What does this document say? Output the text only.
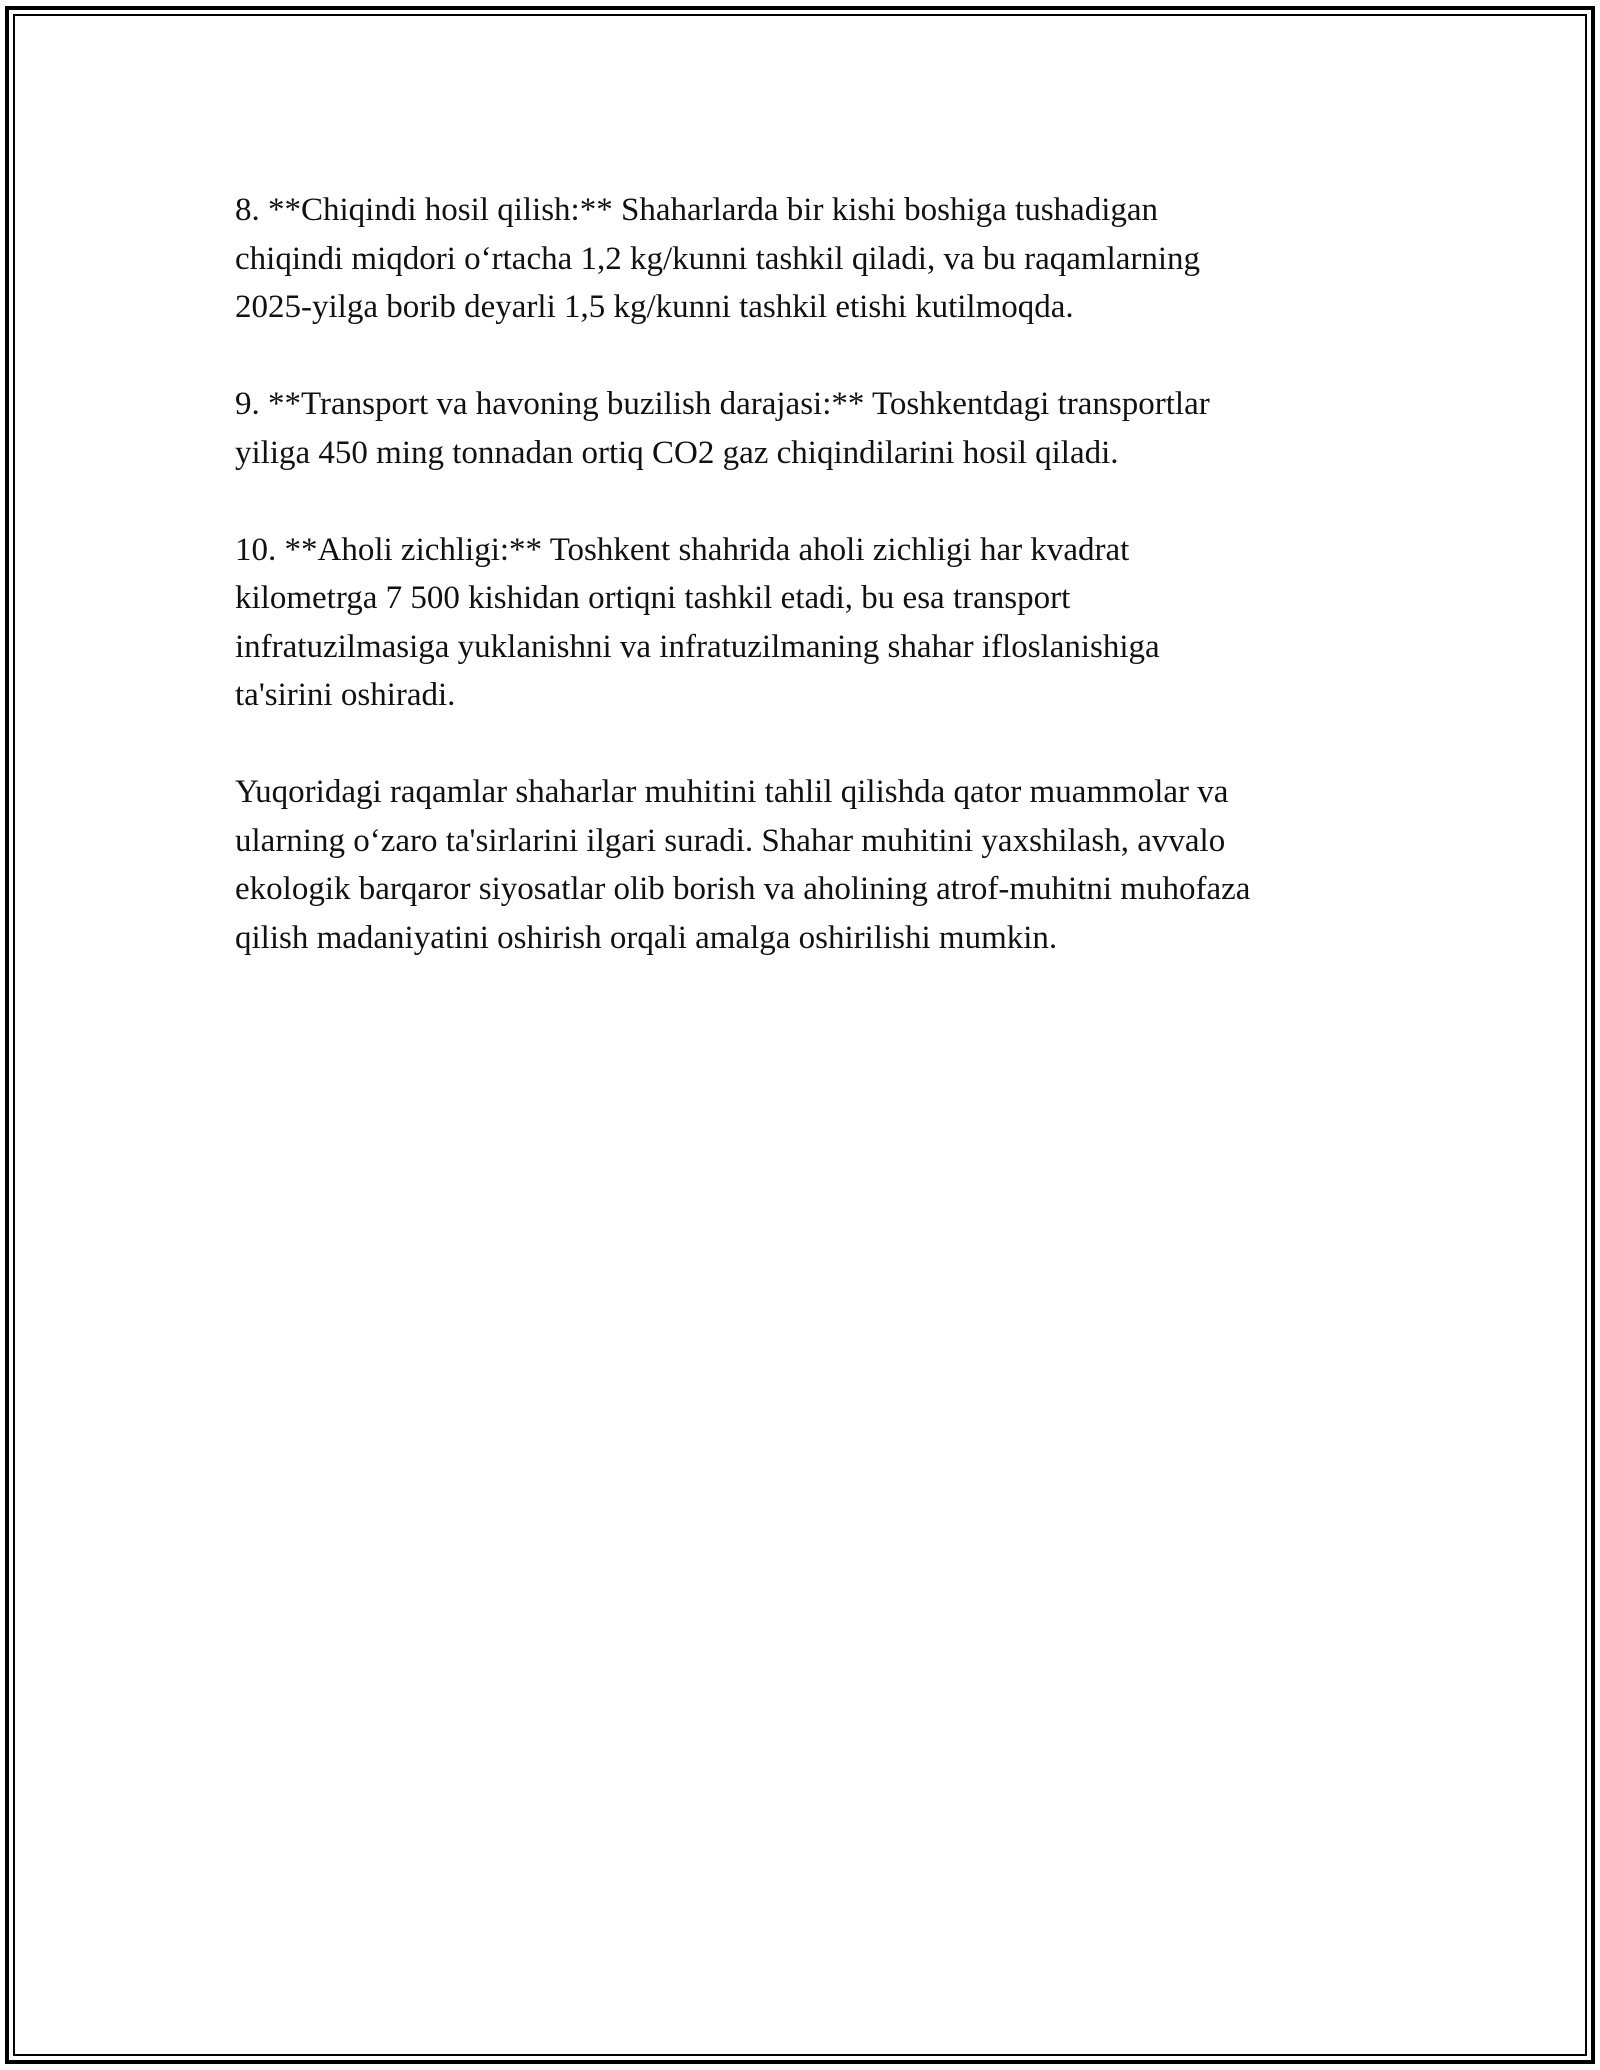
8. **Chiqindi hosil qilish:** Shaharlarda bir kishi boshiga tushadigan
chiqindi miqdori o‘rtacha 1,2 kg/kunni tashkil qiladi, va bu raqamlarning
2025-yilga borib deyarli 1,5 kg/kunni tashkil etishi kutilmoqda.

9. **Transport va havoning buzilish darajasi:** Toshkentdagi transportlar
yiliga 450 ming tonnadan ortiq CO2 gaz chiqindilarini hosil qiladi.

10. **Aholi zichligi:** Toshkent shahrida aholi zichligi har kvadrat
kilometrga 7 500 kishidan ortiqni tashkil etadi, bu esa transport
infratuzilmasiga yuklanishni va infratuzilmaning shahar ifloslanishiga
ta'sirini oshiradi.

Yuqoridagi raqamlar shaharlar muhitini tahlil qilishda qator muammolar va
ularning o‘zaro ta'sirlarini ilgari suradi. Shahar muhitini yaxshilash, avvalo
ekologik barqaror siyosatlar olib borish va aholining atrof-muhitni muhofaza
qilish madaniyatini oshirish orqali amalga oshirilishi mumkin.
